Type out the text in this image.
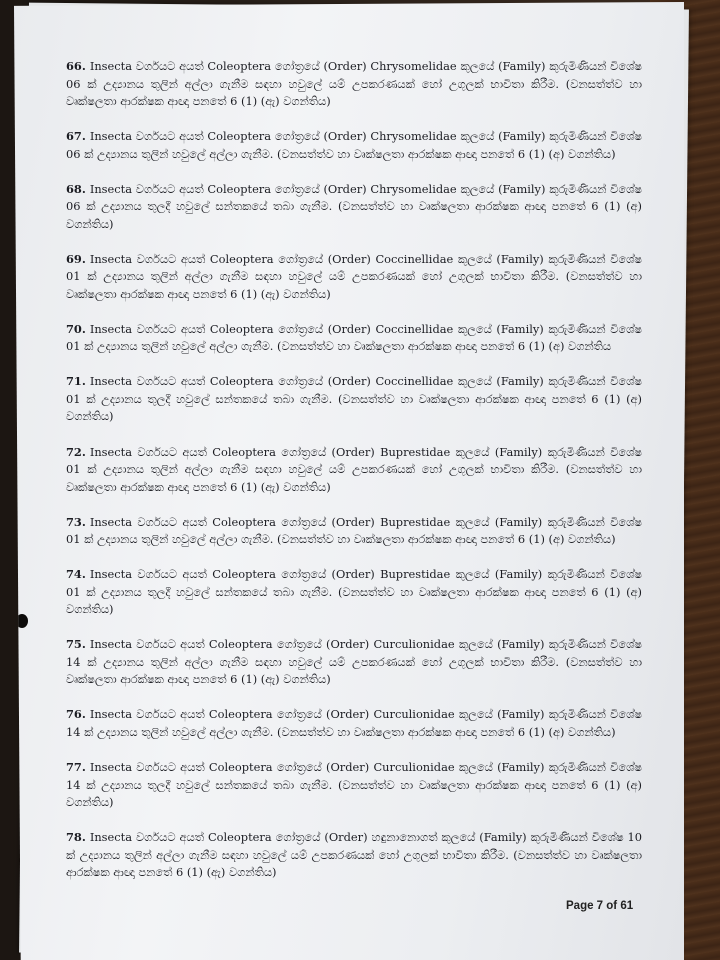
66. Insecta වර්ගයට අයත් Coleoptera ගෝත්‍රයේ (Order) Chrysomelidae කුලයේ (Family) කුරුමිණියන් විශේෂ 06 ක් උද්‍යානය තුලින් අල්ලා ගැනීම සඳහා හවුලේ යම් උපකරණයක් හෝ උගුලක් භාවිතා කිරීම. (වනසත්ත්ව හා වෘක්ෂලතා ආරක්ෂක ආඥා පනතේ 6 (1) (ඇ) වගන්තිය)

67. Insecta වර්ගයට අයත් Coleoptera ගෝත්‍රයේ (Order) Chrysomelidae කුලයේ (Family) කුරුමිණියන් විශේෂ 06 ක් උද්‍යානය තුලින් හවුලේ අල්ලා ගැනීම. (වනසත්ත්ව හා වෘක්ෂලතා ආරක්ෂක ආඥා පනතේ 6 (1) (අ) වගන්තිය)

68. Insecta වර්ගයට අයත් Coleoptera ගෝත්‍රයේ (Order) Chrysomelidae කුලයේ (Family) කුරුමිණියන් විශේෂ 06 ක් උද්‍යානය තුලදී හවුලේ සන්තකයේ තබා ගැනීම. (වනසත්ත්ව හා වෘක්ෂලතා ආරක්ෂක ආඥා පනතේ 6 (1) (අ) වගන්තිය)

69. Insecta වර්ගයට අයත් Coleoptera ගෝත්‍රයේ (Order) Coccinellidae කුලයේ (Family) කුරුමිණියන් විශේෂ 01 ක් උද්‍යානය තුලින් අල්ලා ගැනීම සඳහා හවුලේ යම් උපකරණයක් හෝ උගුලක් භාවිතා කිරීම. (වනසත්ත්ව හා වෘක්ෂලතා ආරක්ෂක ආඥා පනතේ 6 (1) (ඇ) වගන්තිය)

70. Insecta වර්ගයට අයත් Coleoptera ගෝත්‍රයේ (Order) Coccinellidae කුලයේ (Family) කුරුමිණියන් විශේෂ 01 ක් උද්‍යානය තුලින් හවුලේ අල්ලා ගැනීම. (වනසත්ත්ව හා වෘක්ෂලතා ආරක්ෂක ආඥා පනතේ 6 (1) (අ) වගන්තිය

71. Insecta වර්ගයට අයත් Coleoptera ගෝත්‍රයේ (Order) Coccinellidae කුලයේ (Family) කුරුමිණියන් විශේෂ 01 ක් උද්‍යානය තුලදී හවුලේ සන්තකයේ තබා ගැනීම. (වනසත්ත්ව හා වෘක්ෂලතා ආරක්ෂක ආඥා පනතේ 6 (1) (අ) වගන්තිය)

72. Insecta වර්ගයට අයත් Coleoptera ගෝත්‍රයේ (Order) Buprestidae කුලයේ (Family) කුරුමිණියන් විශේෂ 01 ක් උද්‍යානය තුලින් අල්ලා ගැනීම සඳහා හවුලේ යම් උපකරණයක් හෝ උගුලක් භාවිතා කිරීම. (වනසත්ත්ව හා වෘක්ෂලතා ආරක්ෂක ආඥා පනතේ 6 (1) (ඇ) වගන්තිය)

73. Insecta වර්ගයට අයත් Coleoptera ගෝත්‍රයේ (Order) Buprestidae කුලයේ (Family) කුරුමිණියන් විශේෂ 01 ක් උද්‍යානය තුලින් හවුලේ අල්ලා ගැනීම. (වනසත්ත්ව හා වෘක්ෂලතා ආරක්ෂක ආඥා පනතේ 6 (1) (අ) වගන්තිය)

74. Insecta වර්ගයට අයත් Coleoptera ගෝත්‍රයේ (Order) Buprestidae කුලයේ (Family) කුරුමිණියන් විශේෂ 01 ක් උද්‍යානය තුලදී හවුලේ සන්තකයේ තබා ගැනීම. (වනසත්ත්ව හා වෘක්ෂලතා ආරක්ෂක ආඥා පනතේ 6 (1) (අ) වගන්තිය)

75. Insecta වර්ගයට අයත් Coleoptera ගෝත්‍රයේ (Order) Curculionidae කුලයේ (Family) කුරුමිණියන් විශේෂ 14 ක් උද්‍යානය තුලින් අල්ලා ගැනීම සඳහා හවුලේ යම් උපකරණයක් හෝ උගුලක් භාවිතා කිරීම. (වනසත්ත්ව හා වෘක්ෂලතා ආරක්ෂක ආඥා පනතේ 6 (1) (ඇ) වගන්තිය)

76. Insecta වර්ගයට අයත් Coleoptera ගෝත්‍රයේ (Order) Curculionidae කුලයේ (Family) කුරුමිණියන් විශේෂ 14 ක් උද්‍යානය තුලින් හවුලේ අල්ලා ගැනීම. (වනසත්ත්ව හා වෘක්ෂලතා ආරක්ෂක ආඥා පනතේ 6 (1) (අ) වගන්තිය)

77. Insecta වර්ගයට අයත් Coleoptera ගෝත්‍රයේ (Order) Curculionidae කුලයේ (Family) කුරුමිණියන් විශේෂ 14 ක් උද්‍යානය තුලදී හවුලේ සන්තකයේ තබා ගැනීම. (වනසත්ත්ව හා වෘක්ෂලතා ආරක්ෂක ආඥා පනතේ 6 (1) (අ) වගන්තිය)

78. Insecta වර්ගයට අයත් Coleoptera ගෝත්‍රයේ (Order) හඳුනානොගත් කුලයේ (Family) කුරුමිණියන් විශේෂ 10 ක් උද්‍යානය තුලින් අල්ලා ගැනීම සඳහා හවුලේ යම් උපකරණයක් හෝ උගුලක් භාවිතා කිරීම. (වනසත්ත්ව හා වෘක්ෂලතා ආරක්ෂක ආඥා පනතේ 6 (1) (ඇ) වගන්තිය)

Page 7 of 61
